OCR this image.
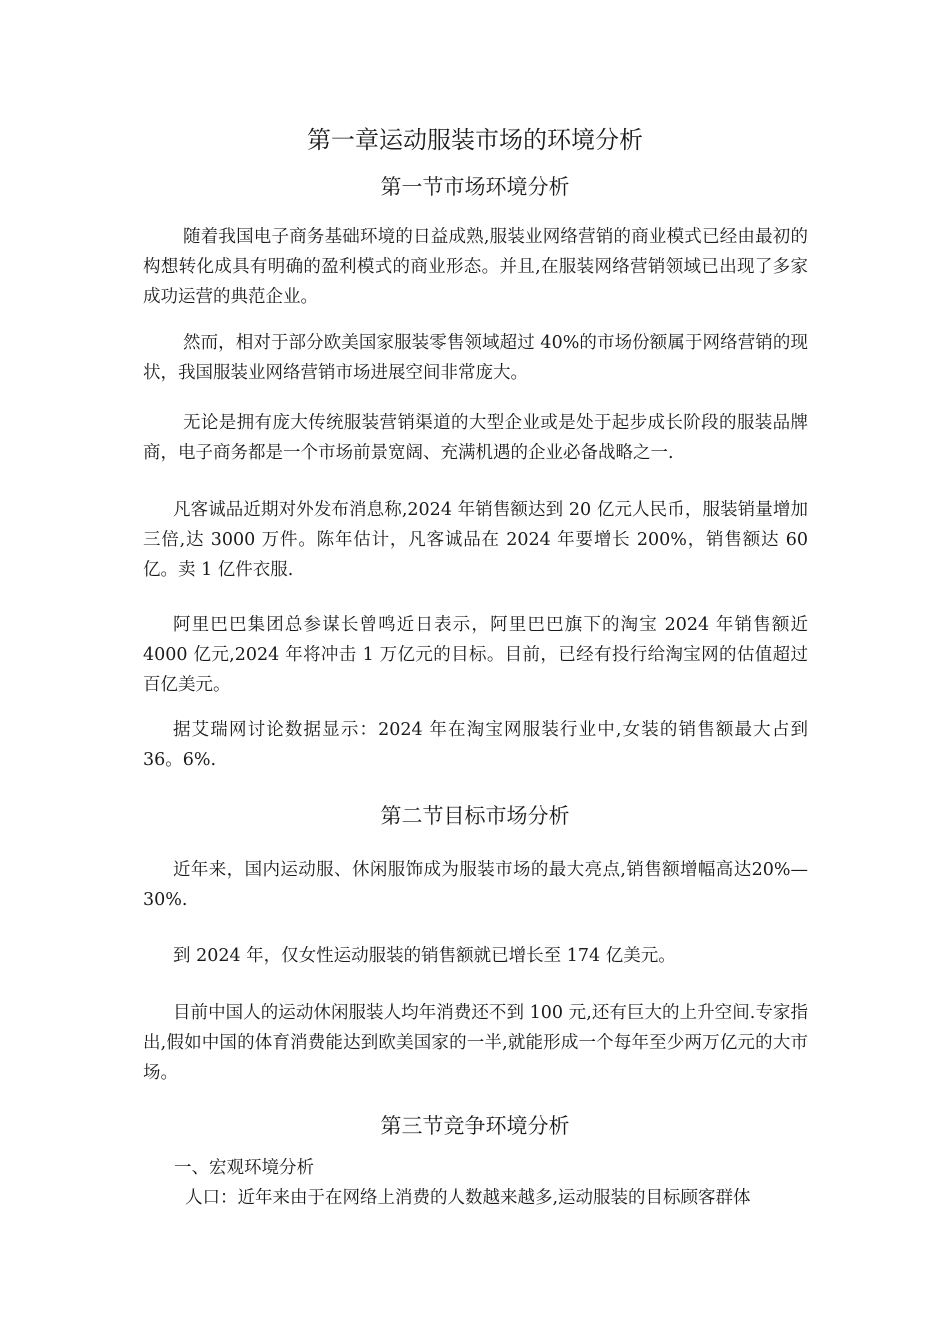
第一章运动服装市场的环境分析
第一节市场环境分析

随着我国电子商务基础环境的日益成熟,服装业网络营销的商业模式已经由最初的构想转化成具有明确的盈利模式的商业形态。并且,在服装网络营销领域已出现了多家成功运营的典范企业。

然而，相对于部分欧美国家服装零售领域超过 40%的市场份额属于网络营销的现状，我国服装业网络营销市场进展空间非常庞大。

无论是拥有庞大传统服装营销渠道的大型企业或是处于起步成长阶段的服装品牌商，电子商务都是一个市场前景宽阔、充满机遇的企业必备战略之一.

凡客诚品近期对外发布消息称,2024 年销售额达到 20 亿元人民币，服装销量增加三倍,达 3000 万件。陈年估计，凡客诚品在 2024 年要增长 200%，销售额达 60 亿。卖 1 亿件衣服.

阿里巴巴集团总参谋长曾鸣近日表示，阿里巴巴旗下的淘宝 2024 年销售额近 4000 亿元,2024 年将冲击 1 万亿元的目标。目前，已经有投行给淘宝网的估值超过百亿美元。

据艾瑞网讨论数据显示：2024 年在淘宝网服装行业中,女装的销售额最大占到 36。6%.

第二节目标市场分析

近年来，国内运动服、休闲服饰成为服装市场的最大亮点,销售额增幅高达20%—30%.

到 2024 年，仅女性运动服装的销售额就已增长至 174 亿美元。

目前中国人的运动休闲服装人均年消费还不到 100 元,还有巨大的上升空间.专家指出,假如中国的体育消费能达到欧美国家的一半,就能形成一个每年至少两万亿元的大市场。

第三节竞争环境分析

一、宏观环境分析

人口：近年来由于在网络上消费的人数越来越多,运动服装的目标顾客群体
